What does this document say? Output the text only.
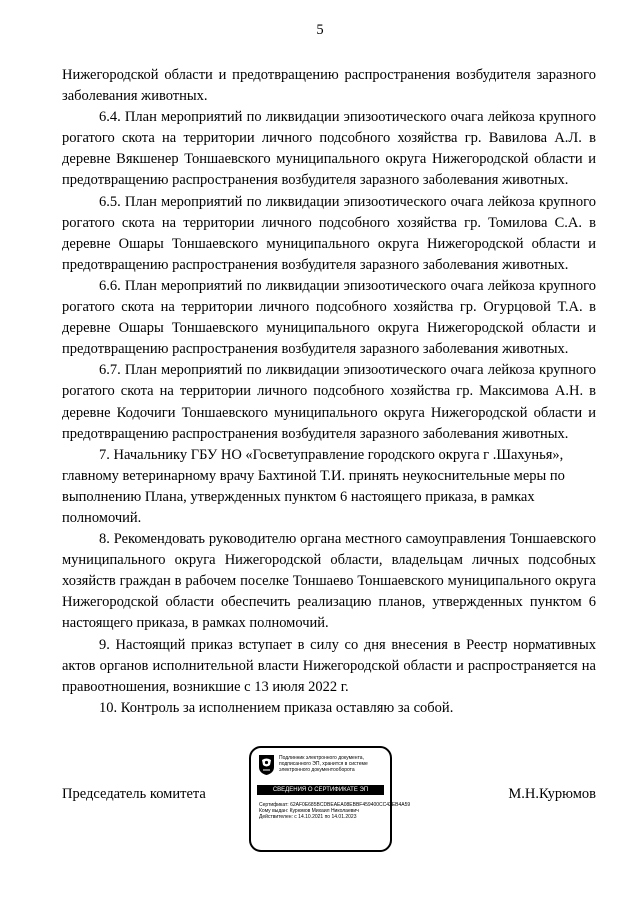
5

Нижегородской области и предотвращению распространения возбудителя заразного заболевания животных.

6.4. План мероприятий по ликвидации эпизоотического очага лейкоза крупного рогатого скота на территории личного подсобного хозяйства гр. Вавилова А.Л. в деревне Вякшенер Тоншаевского муниципального округа Нижегородской области и предотвращению распространения возбудителя заразного заболевания животных.

6.5. План мероприятий по ликвидации эпизоотического очага лейкоза крупного рогатого скота на территории личного подсобного хозяйства гр. Томилова С.А. в деревне Ошары Тоншаевского муниципального округа Нижегородской области и предотвращению распространения возбудителя заразного заболевания животных.

6.6. План мероприятий по ликвидации эпизоотического очага лейкоза крупного рогатого скота на территории личного подсобного хозяйства гр. Огурцовой Т.А. в деревне Ошары Тоншаевского муниципального округа Нижегородской области и предотвращению распространения возбудителя заразного заболевания животных.

6.7. План мероприятий по ликвидации эпизоотического очага лейкоза крупного рогатого скота на территории личного подсобного хозяйства гр. Максимова А.Н. в деревне Кодочиги Тоншаевского муниципального округа Нижегородской области и предотвращению распространения возбудителя заразного заболевания животных.

7. Начальнику ГБУ НО «Госветуправление городского округа г .Шахунья», главному ветеринарному врачу Бахтиной Т.И. принять неукоснительные меры по выполнению Плана, утвержденных пунктом 6 настоящего приказа, в рамках полномочий.

8. Рекомендовать руководителю органа местного самоуправления Тоншаевского муниципального округа Нижегородской области, владельцам личных подсобных хозяйств граждан в рабочем поселке Тоншаево Тоншаевского муниципального округа Нижегородской области обеспечить реализацию планов, утвержденных пунктом 6 настоящего приказа, в рамках полномочий.

9. Настоящий приказ вступает в силу со дня внесения в Реестр нормативных актов органов исполнительной власти Нижегородской области и распространяется на правоотношения, возникшие с 13 июля 2022 г.

10. Контроль за исполнением приказа оставляю за собой.

Председатель комитета	М.Н.Курюмов
Подлинник электронного документа, подписанного ЭП, хранится в системе электронного документооборота
СВЕДЕНИЯ О СЕРТИФИКАТЕ ЭП
Сертификат: 62AF0E685BCDBEAEA08EBBF459400CC42EB4A59
Кому выдан: Курюмов Михаил Николаевич
Действителен: с 14.10.2021 по 14.01.2023
